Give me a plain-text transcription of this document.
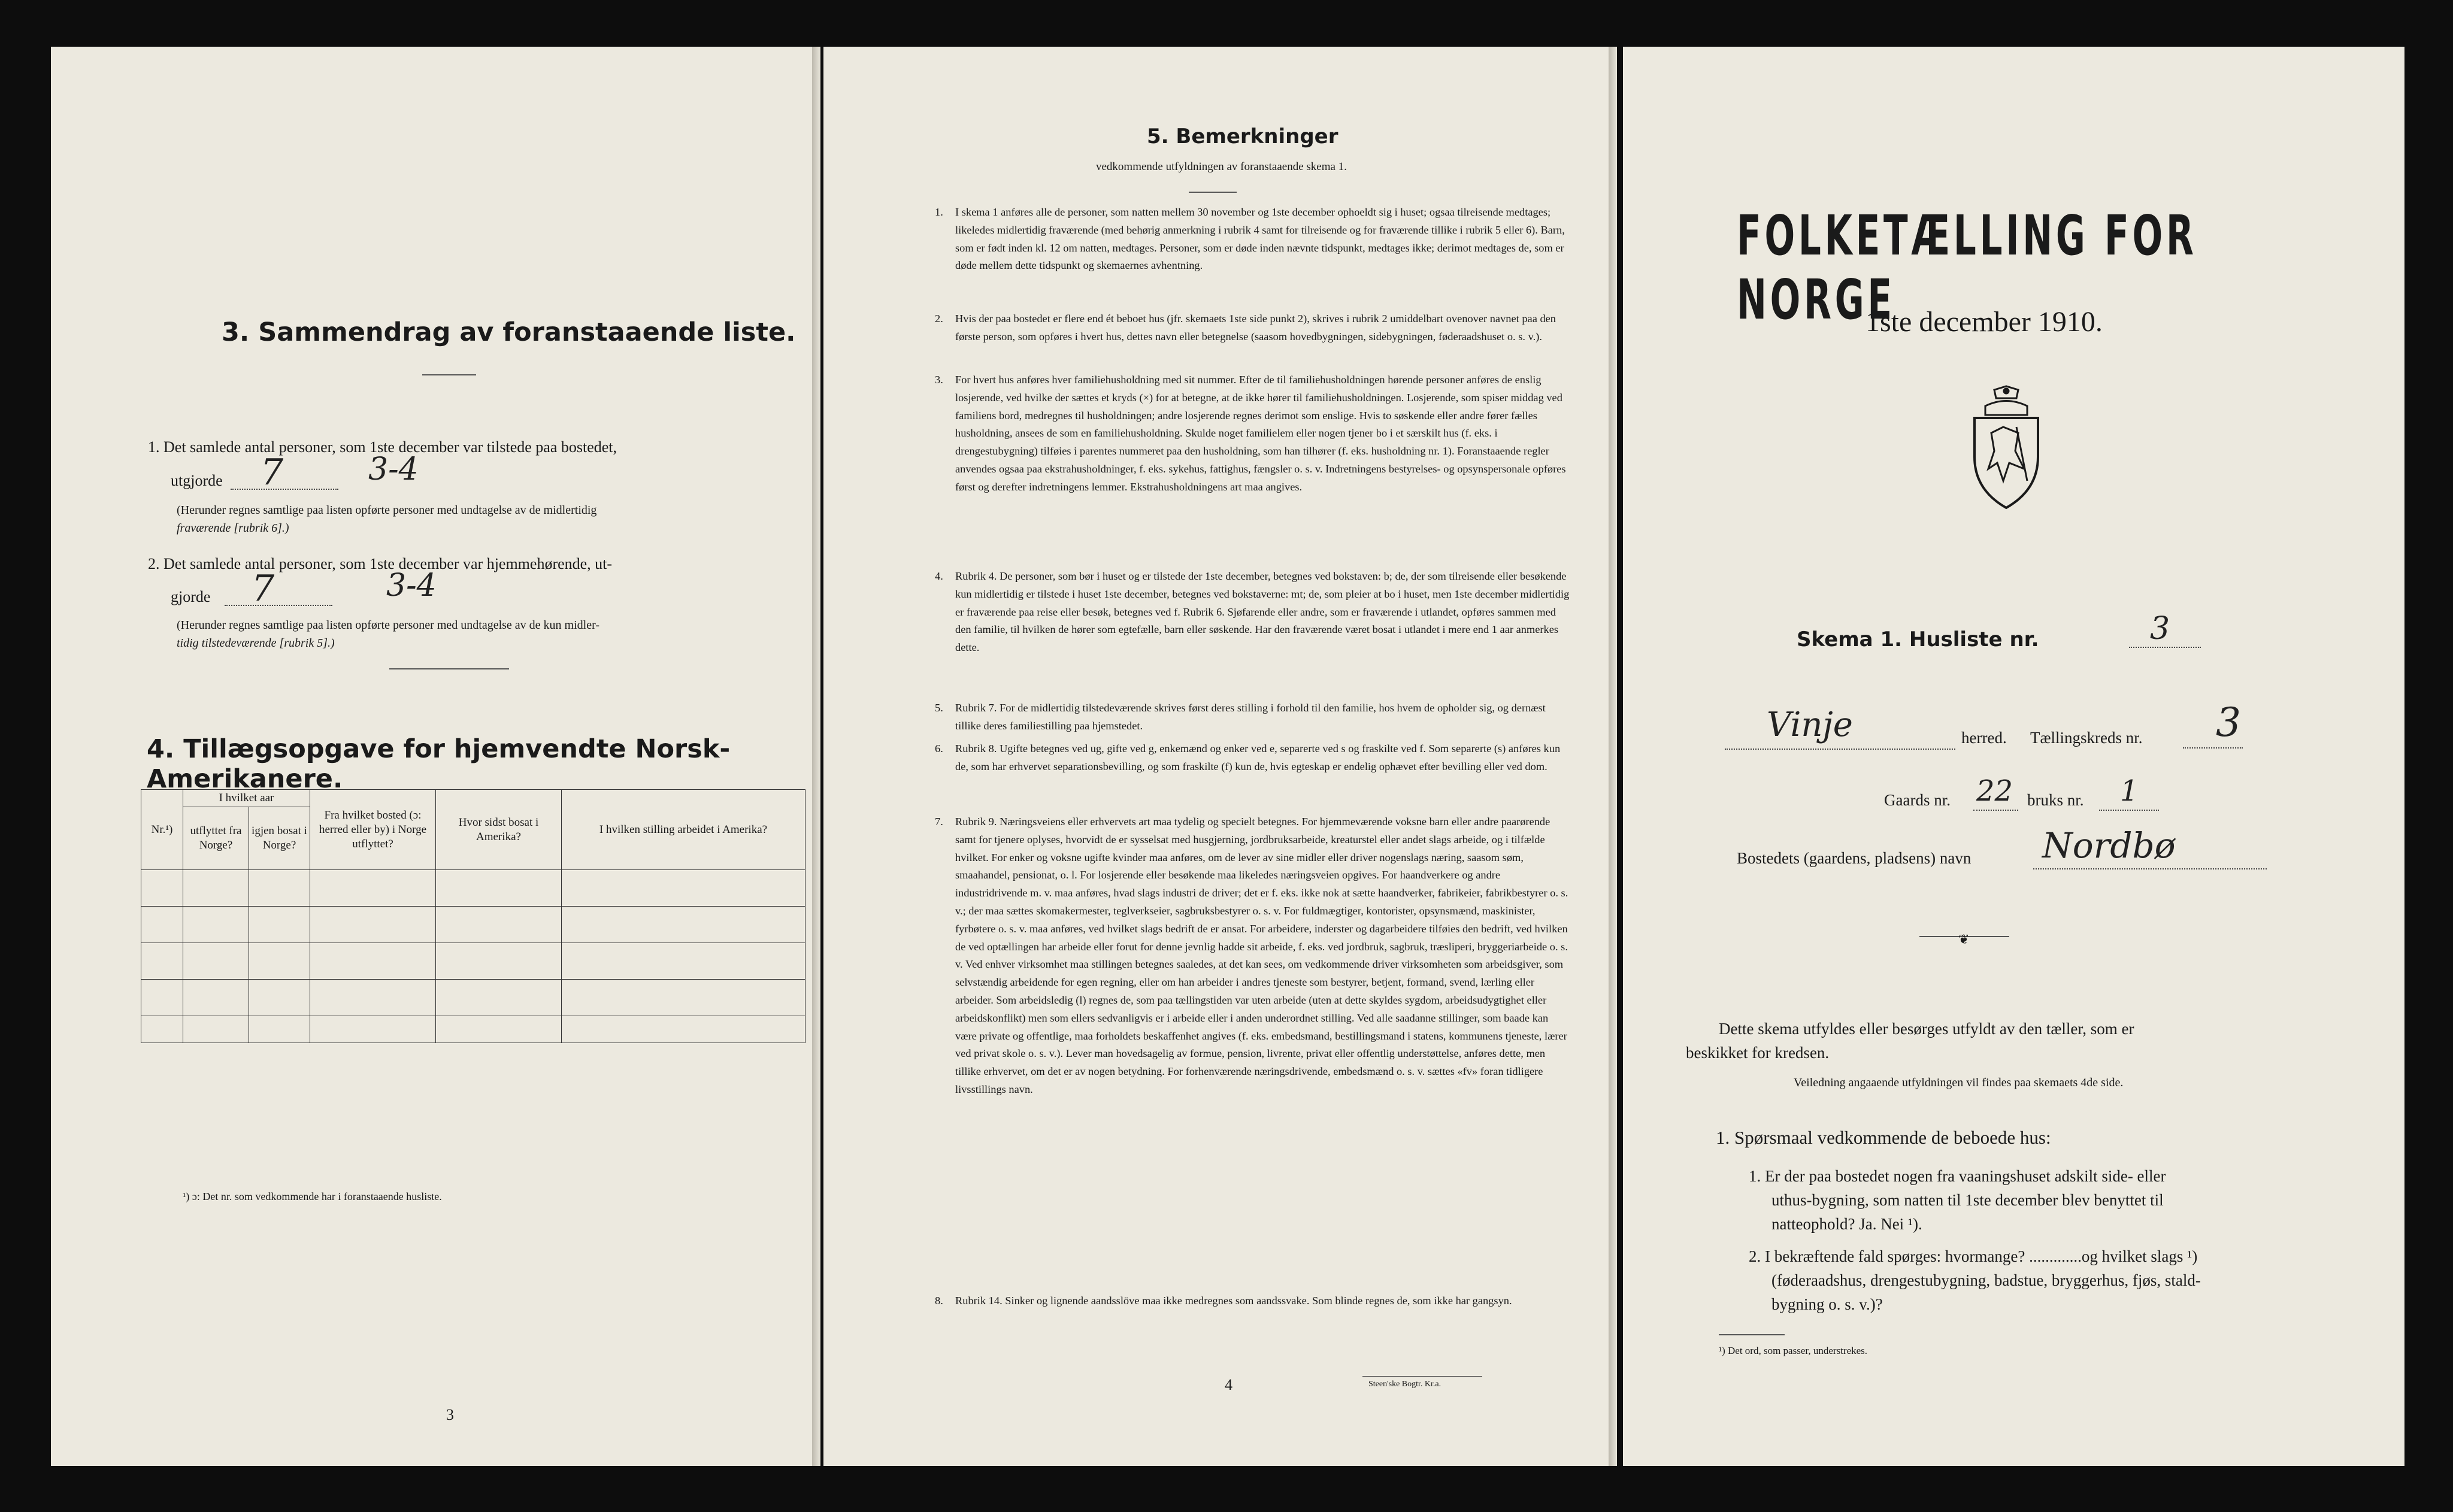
3. Sammendrag av foranstaaende liste.
1. Det samlede antal personer, som 1ste december var tilstede paa bostedet,
utgjorde 7	3-4
(Herunder regnes samtlige paa listen opførte personer med undtagelse av de midlertidig
fraværende [rubrik 6].)
2. Det samlede antal personer, som 1ste december var hjemmehørende, ut-
gjorde 7	3-4
(Herunder regnes samtlige paa listen opførte personer med undtagelse av de kun midler-
tidig tilstedeværende [rubrik 5].)
4. Tillægsopgave for hjemvendte Norsk-Amerikanere.
Nr.¹)	I hvilket aar		Fra hvilket bosted (ɔ: herred eller by) i Norge utflyttet?	Hvor sidst bosat i Amerika?	I hvilken stilling arbeidet i Amerika?
	utflyttet fra Norge?	igjen bosat i Norge?			

¹) ɔ: Det nr. som vedkommende har i foranstaaende husliste.
3
5. Bemerkninger
vedkommende utfyldningen av foranstaaende skema 1.
1. I skema 1 anføres alle de personer, som natten mellem 30 november og 1ste december ophoeldt sig i huset; ogsaa tilreisende medtages; likeledes midlertidig fraværende (med behørig anmerkning i rubrik 4 samt for tilreisende og for fraværende tillike i rubrik 5 eller 6). Barn, som er født inden kl. 12 om natten, medtages. Personer, som er døde inden nævnte tidspunkt, medtages ikke; derimot medtages de, som er døde mellem dette tidspunkt og skemaernes avhentning.
2. Hvis der paa bostedet er flere end ét beboet hus (jfr. skemaets 1ste side punkt 2), skrives i rubrik 2 umiddelbart ovenover navnet paa den første person, som opføres i hvert hus, dettes navn eller betegnelse (saasom hovedbygningen, sidebygningen, føderaadshuset o. s. v.).
3. For hvert hus anføres hver familiehusholdning med sit nummer. Efter de til familiehusholdningen hørende personer anføres de enslig losjerende, ved hvilke der sættes et kryds (×) for at betegne, at de ikke hører til familiehusholdningen. Losjerende, som spiser middag ved familiens bord, medregnes til husholdningen; andre losjerende regnes derimot som enslige. Hvis to søskende eller andre fører fælles husholdning, ansees de som en familiehusholdning. Skulde noget familielem eller nogen tjener bo i et særskilt hus (f. eks. i drengestubygning) tilføies i parentes nummeret paa den husholdning, som han tilhører (f. eks. husholdning nr. 1). Foranstaaende regler anvendes ogsaa paa ekstrahusholdninger, f. eks. sykehus, fattighus, fængsler o. s. v. Indretningens bestyrelses- og opsynspersonale opføres først og derefter indretningens lemmer. Ekstrahusholdningens art maa angives.
4. Rubrik 4. De personer, som bør i huset og er tilstede der 1ste december, betegnes ved bokstaven: b; de, der som tilreisende eller besøkende kun midlertidig er tilstede i huset 1ste december, betegnes ved bokstaverne: mt; de, som pleier at bo i huset, men 1ste december midlertidig er fraværende paa reise eller besøk, betegnes ved f. Rubrik 6. Sjøfarende eller andre, som er fraværende i utlandet, opføres sammen med den familie, til hvilken de hører som egtefælle, barn eller søskende. Har den fraværende været bosat i utlandet i mere end 1 aar anmerkes dette.
5. Rubrik 7. For de midlertidig tilstedeværende skrives først deres stilling i forhold til den familie, hos hvem de opholder sig, og dernæst tillike deres familiestilling paa hjemstedet.
6. Rubrik 8. Ugifte betegnes ved ug, gifte ved g, enkemænd og enker ved e, separerte ved s og fraskilte ved f. Som separerte (s) anføres kun de, som har erhvervet separationsbevilling, og som fraskilte (f) kun de, hvis egteskap er endelig ophævet efter bevilling eller ved dom.
7. Rubrik 9. Næringsveiens eller erhvervets art maa tydelig og specielt betegnes. For hjemmeværende voksne barn eller andre paarørende samt for tjenere oplyses, hvorvidt de er sysselsat med husgjerning, jordbruksarbeide, kreaturstel eller andet slags arbeide, og i tilfælde hvilket. For enker og voksne ugifte kvinder maa anføres, om de lever av sine midler eller driver nogenslags næring, saasom søm, smaahandel, pensionat, o. l. For losjerende eller besøkende maa likeledes næringsveien opgives. For haandverkere og andre industridrivende m. v. maa anføres, hvad slags industri de driver; det er f. eks. ikke nok at sætte haandverker, fabrikeier, fabrikbestyrer o. s. v.; der maa sættes skomakermester, teglverkseier, sagbruksbestyrer o. s. v. For fuldmægtiger, kontorister, opsynsmænd, maskinister, fyrbøtere o. s. v. maa anføres, ved hvilket slags bedrift de er ansat. For arbeidere, inderster og dagarbeidere tilføies den bedrift, ved hvilken de ved optællingen har arbeide eller forut for denne jevnlig hadde sit arbeide, f. eks. ved jordbruk, sagbruk, træsliperi, bryggeriarbeide o. s. v. Ved enhver virksomhet maa stillingen betegnes saaledes, at det kan sees, om vedkommende driver virksomheten som arbeidsgiver, som selvstændig arbeidende for egen regning, eller om han arbeider i andres tjeneste som bestyrer, betjent, formand, svend, lærling eller arbeider. Som arbeidsledig (l) regnes de, som paa tællingstiden var uten arbeide (uten at dette skyldes sygdom, arbeidsudygtighet eller arbeidskonflikt) men som ellers sedvanligvis er i arbeide eller i anden underordnet stilling. Ved alle saadanne stillinger, som baade kan være private og offentlige, maa forholdets beskaffenhet angives (f. eks. embedsmand, bestillingsmand i statens, kommunens tjeneste, lærer ved privat skole o. s. v.). Lever man hovedsagelig av formue, pension, livrente, privat eller offentlig understøttelse, anføres dette, men tillike erhvervet, om det er av nogen betydning. For forhenværende næringsdrivende, embedsmænd o. s. v. sættes «fv» foran tidligere livsstillings navn.
8. Rubrik 14. Sinker og lignende aandsslöve maa ikke medregnes som aandssvake. Som blinde regnes de, som ikke har gangsyn.
4	Steen'ske Bogtr. Kr.a.
FOLKETÆLLING FOR NORGE
1ste december 1910.
Skema 1. Husliste nr.	3
Vinje	herred. Tællingskreds nr. 3
Gaards nr. 22 bruks nr. 1
Bostedets (gaardens, pladsens) navn Nordbø
❦
Dette skema utfyldes eller besørges utfyldt av den tæller, som er
beskikket for kredsen.
Veiledning angaaende utfyldningen vil findes paa skemaets 4de side.
1. Spørsmaal vedkommende de beboede hus:
1. Er der paa bostedet nogen fra vaaningshuset adskilt side- eller
uthus-bygning, som natten til 1ste december blev benyttet til
natteophold? Ja. Nei ¹).
2. I bekræftende fald spørges: hvormange? .............og hvilket slags ¹)
(føderaadshus, drengestubygning, badstue, bryggerhus, fjøs, stald-
bygning o. s. v.)?
¹) Det ord, som passer, understrekes.
